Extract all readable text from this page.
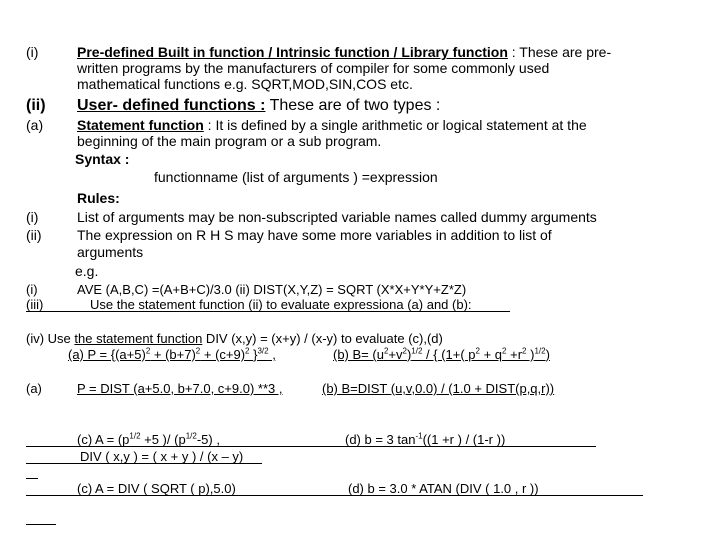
(i)	Pre-defined Built in function / Intrinsic function / Library function : These are pre-
written programs by the manufacturers of compiler for some commonly used
mathematical functions e.g. SQRT,MOD,SIN,COS etc.
(ii) User- defined functions : These are of two types :
(a) Statement function : It is defined by a single arithmetic or logical statement at the
beginning of the main program or a sub program.
Syntax :
functionname (list of arguments ) =expression
Rules:
(i)	List of arguments may be non-subscripted variable names called dummy arguments
(ii)	The expression on R H S may have some more variables in addition to list of
arguments
e.g.
(i)	AVE (A,B,C) =(A+B+C)/3.0 (ii) DIST(X,Y,Z) = SQRT (X*X+Y*Y+Z*Z)
(iii)	Use the statement function (ii) to evaluate expressiona (a) and (b):
(iv) Use the statement function DIV (x,y) = (x+y) / (x-y) to evaluate (c),(d)
(a) $P = \{(a+5)^2 + (b+7)^2 + (c+9)^2$ }$^{3/2}$ ,	(b) $B= (u^2+v^2)^{1/2}$ / { (1+( $p^2 + q^2 +r^2$ )$^{1/2}$)
(a)	P = DIST (a+5.0, b+7.0, c+9.0) **3 ,	(b) B=DIST (u,v,0.0) / (1.0 + DIST(p,q,r))
(c) $A = (p^{1/2} +5$ )/ $(p^{1/2}-5)$ ,	(d) b = 3 $\tan^{-1}((1 +r$ ) / (1-r ))
DIV ( x,y ) = ( x + y ) / (x – y)
(c) A = DIV ( SQRT ( p),5.0)	(d) b = 3.0 * ATAN (DIV ( 1.0 , r ))
